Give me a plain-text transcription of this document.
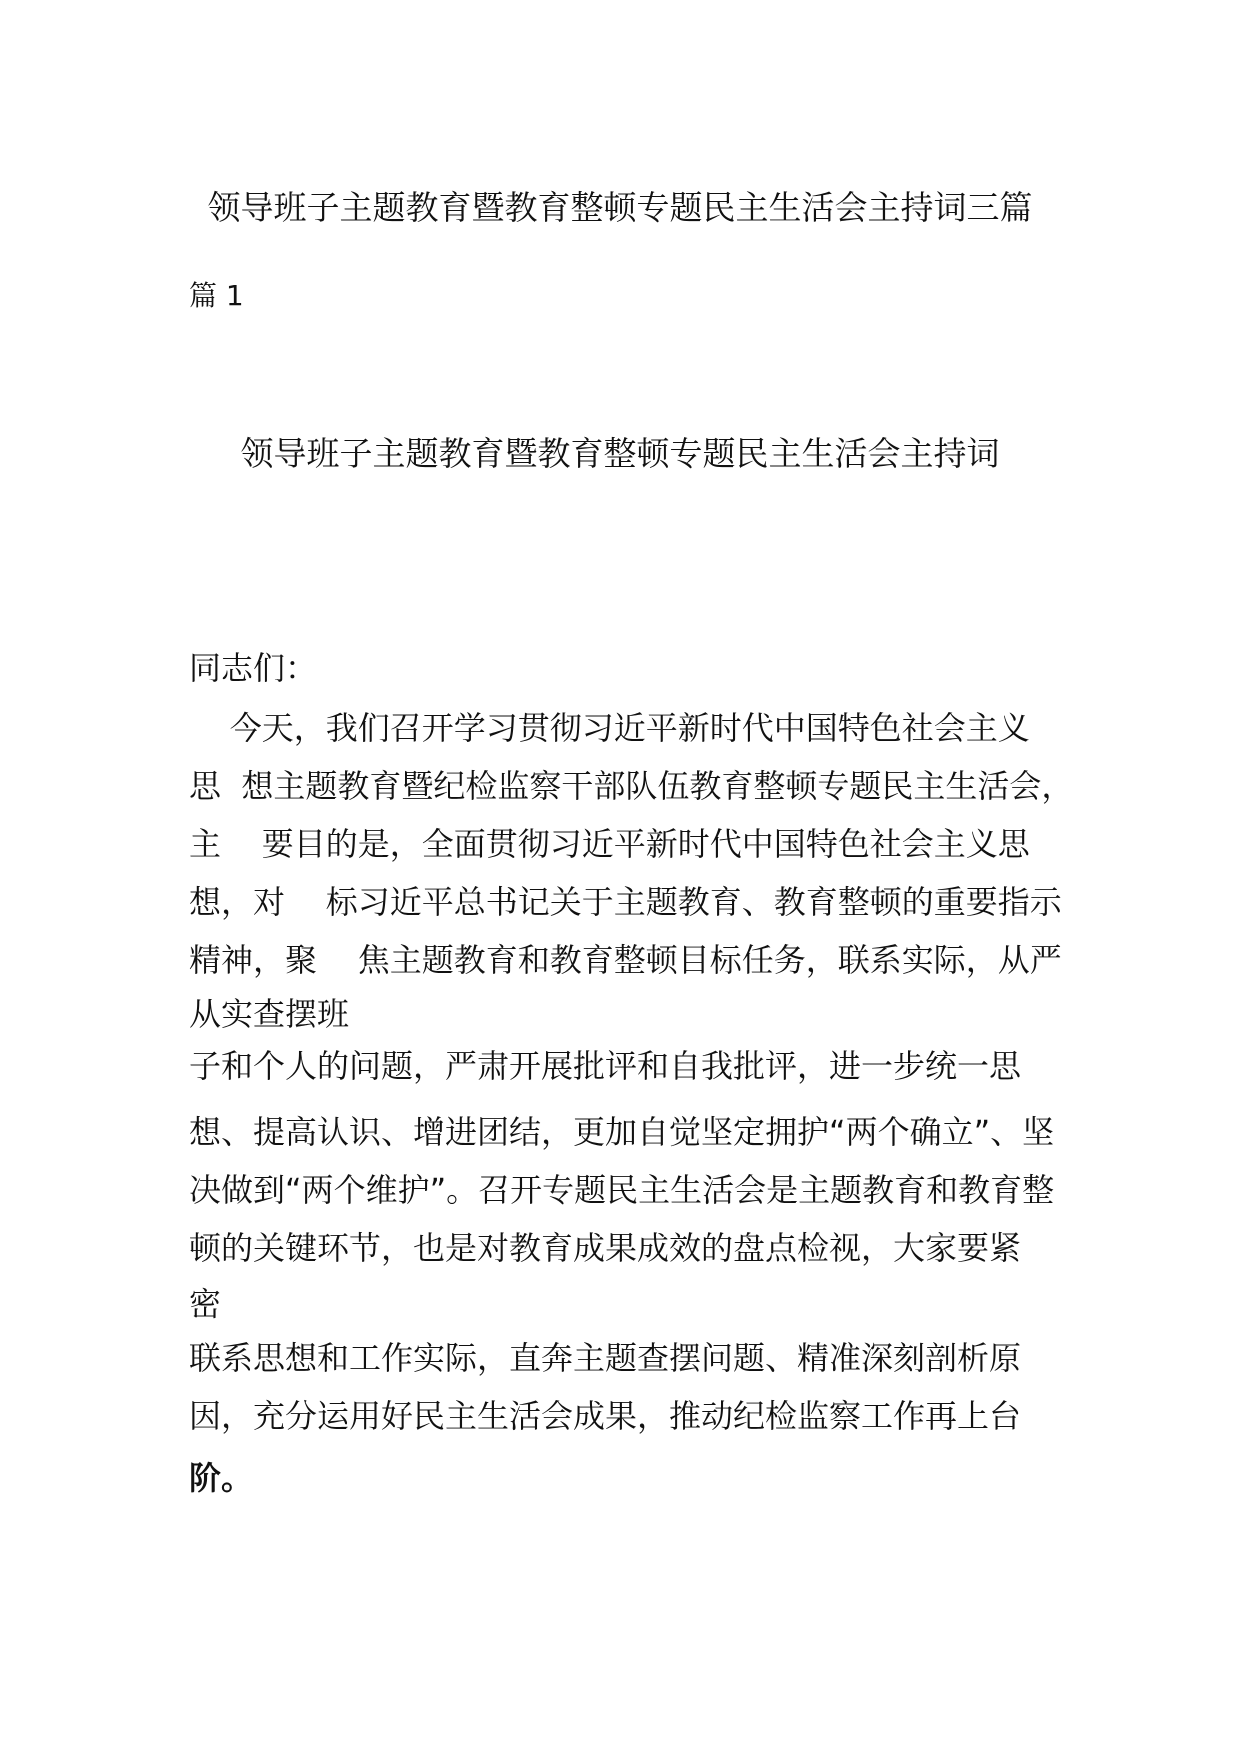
领导班子主题教育暨教育整顿专题民主生活会主持词三篇
篇 1
领导班子主题教育暨教育整顿专题民主生活会主持词
同志们：
今天，我们召开学习贯彻习近平新时代中国特色社会主义
思  想主题教育暨纪检监察干部队伍教育整顿专题民主生活会，
主    要目的是，全面贯彻习近平新时代中国特色社会主义思
想，对    标习近平总书记关于主题教育、教育整顿的重要指示
精神，聚    焦主题教育和教育整顿目标任务，联系实际，从严
从实查摆班
子和个人的问题，严肃开展批评和自我批评，进一步统一思
想、提高认识、增进团结，更加自觉坚定拥护“两个确立”、坚
决做到“两个维护”。召开专题民主生活会是主题教育和教育整
顿的关键环节，也是对教育成果成效的盘点检视，大家要紧
密
联系思想和工作实际，直奔主题查摆问题、精准深刻剖析原
因，充分运用好民主生活会成果，推动纪检监察工作再上台
阶。
